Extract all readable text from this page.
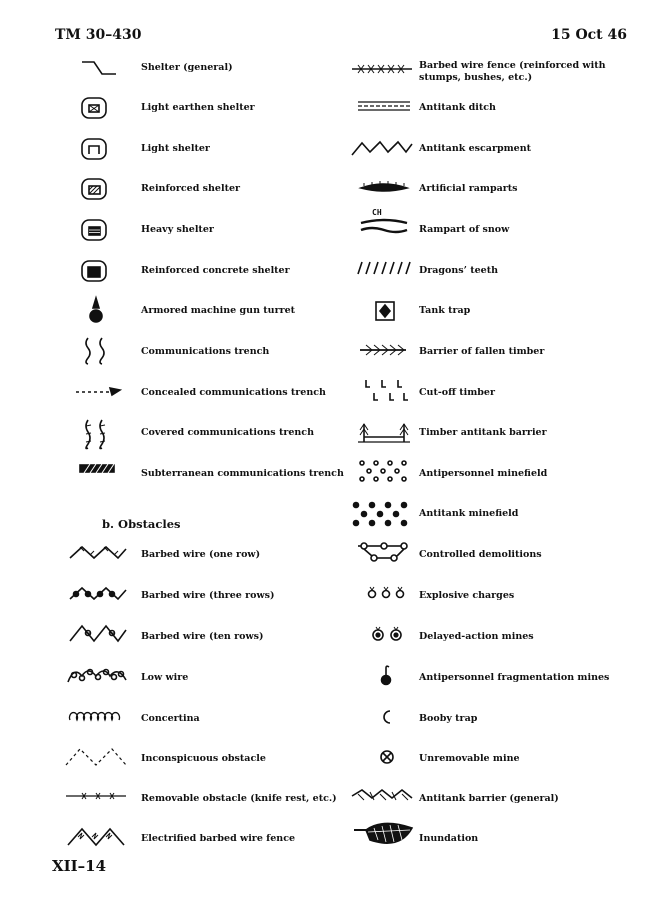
TM 30–430	15 Oct 46
Shelter (general)
Light earthen shelter
Light shelter
Reinforced shelter
Heavy shelter
Reinforced concrete shelter
Armored machine gun turret
Communications trench
Concealed communications trench
Covered communications trench
Subterranean communications trench
b. Obstacles
Barbed wire (one row)
Barbed wire (three rows)
Barbed wire (ten rows)
Low wire
Concertina
Inconspicuous obstacle
Removable obstacle (knife rest, etc.)
Electrified barbed wire fence
Barbed wire fence (reinforced with stumps, bushes, etc.)
Antitank ditch
Antitank escarpment
Artificial ramparts
CH
Rampart of snow
Dragons’ teeth
Tank trap
Barrier of fallen timber
Cut-off timber
Timber antitank barrier
Antipersonnel minefield
Antitank minefield
Controlled demolitions
Explosive charges
Delayed-action mines
Antipersonnel fragmentation mines
Booby trap
Unremovable mine
Antitank barrier (general)
Inundation
XII–14
